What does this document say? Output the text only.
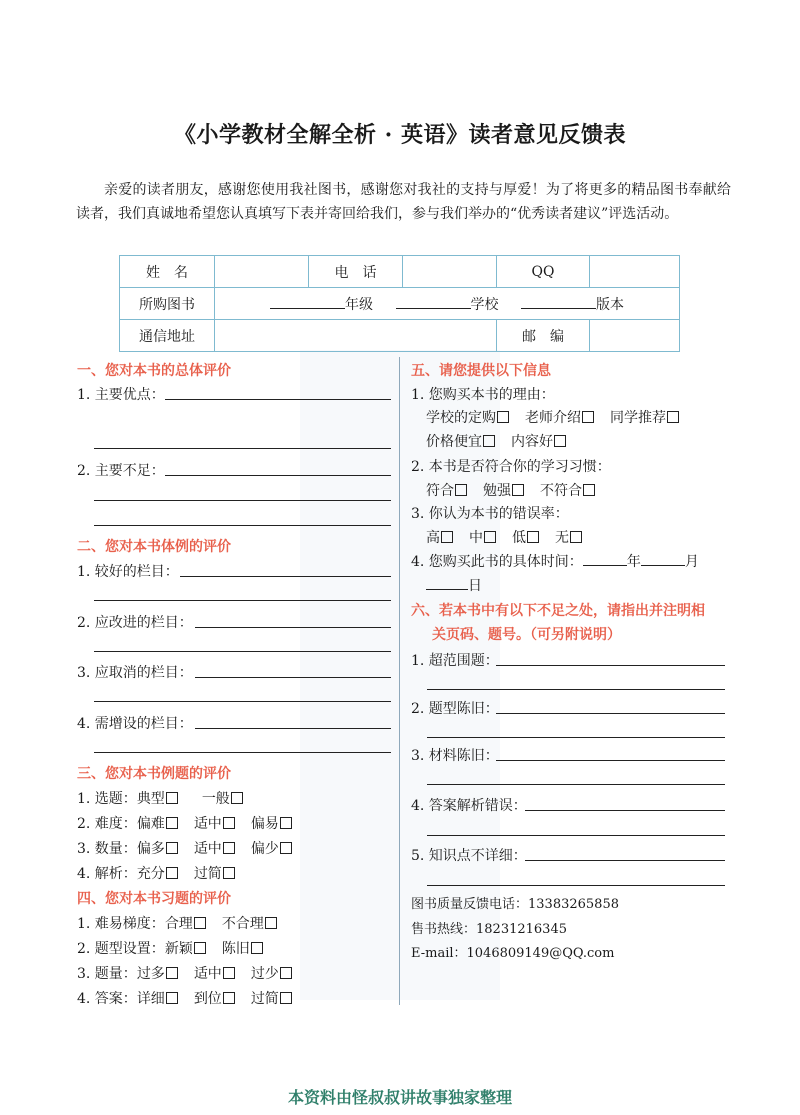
《小学教材全解全析 · 英语》读者意见反馈表
亲爱的读者朋友，感谢您使用我社图书，感谢您对我社的支持与厚爱！为了将更多的精品图书奉献给读者，我们真诚地希望您认真填写下表并寄回给我们，参与我们举办的“优秀读者建议”评选活动。
姓　名		电　话		QQ	
所购图书	年级 学校 版本				
通信地址				邮　编	
一、您对本书的总体评价
1. 主要优点：
2. 主要不足：
二、您对本书体例的评价
1. 较好的栏目：
2. 应改进的栏目：
3. 应取消的栏目：
4. 需增设的栏目：
三、您对本书例题的评价
1. 选题：典型	一般
2. 难度：偏难 适中 偏易
3. 数量：偏多 适中 偏少
4. 解析：充分 过简
四、您对本书习题的评价
1. 难易梯度：合理 不合理
2. 题型设置：新颖 陈旧
3. 题量：过多 适中 过少
4. 答案：详细 到位 过简
五、请您提供以下信息
1. 您购买本书的理由：
学校的定购 老师介绍 同学推荐
价格便宜 内容好
2. 本书是否符合你的学习习惯：
符合 勉强 不符合
3. 你认为本书的错误率：
高 中 低 无
4. 您购买此书的具体时间：	年	月
日
六、若本书中有以下不足之处，请指出并注明相
关页码、题号。（可另附说明）
1. 超范围题：
2. 题型陈旧：
3. 材料陈旧：
4. 答案解析错误：
5. 知识点不详细：
图书质量反馈电话：13383265858
售书热线：18231216345
E-mail：1046809149@QQ.com
本资料由怪叔叔讲故事独家整理
